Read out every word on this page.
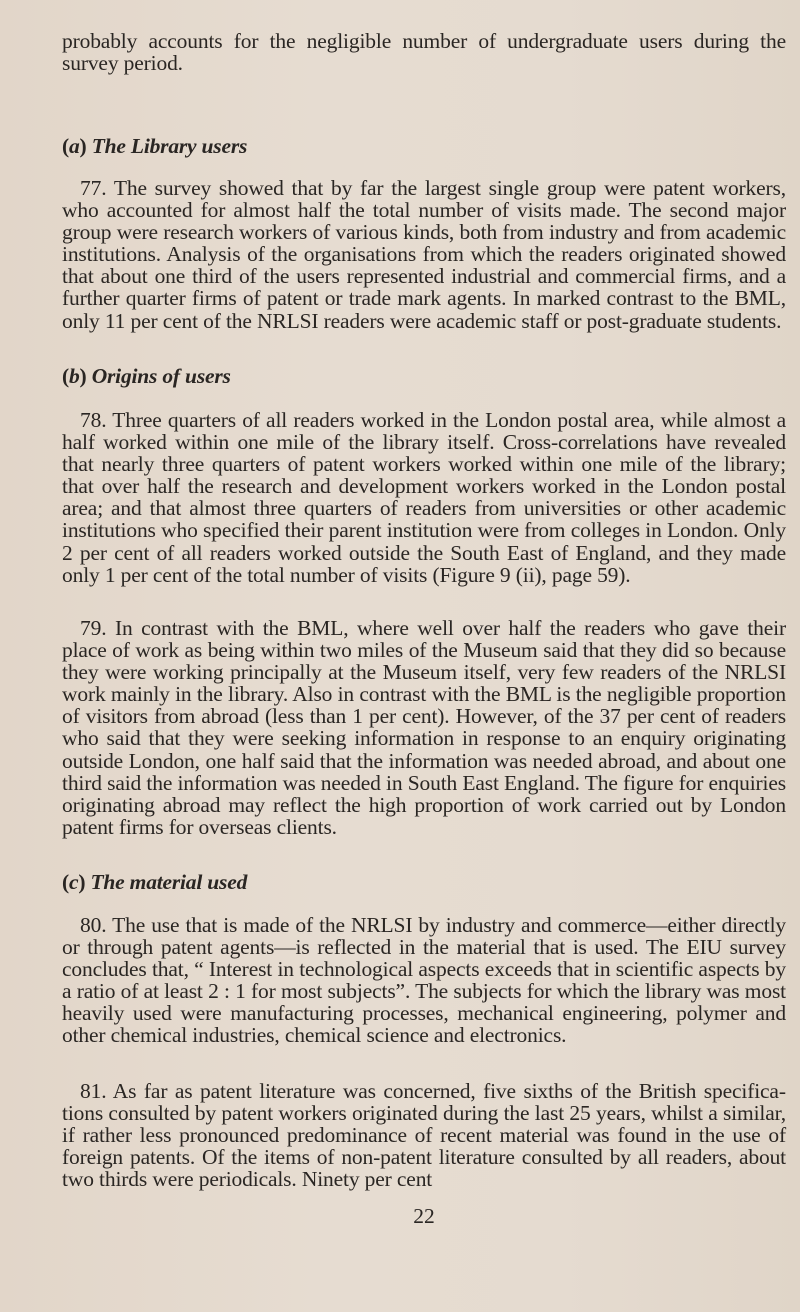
probably accounts for the negligible number of undergraduate users during the survey period.

(a) The Library users

77. The survey showed that by far the largest single group were patent workers, who accounted for almost half the total number of visits made. The second major group were research workers of various kinds, both from industry and from academic institutions. Analysis of the organisations from which the readers originated showed that about one third of the users represented industrial and commercial firms, and a further quarter firms of patent or trade mark agents. In marked contrast to the BML, only 11 per cent of the NRLSI readers were academic staff or post-graduate students.

(b) Origins of users

78. Three quarters of all readers worked in the London postal area, while almost a half worked within one mile of the library itself. Cross-correlations have revealed that nearly three quarters of patent workers worked within one mile of the library; that over half the research and development workers worked in the London postal area; and that almost three quarters of readers from universities or other academic institutions who specified their parent institution were from colleges in London. Only 2 per cent of all readers worked outside the South East of England, and they made only 1 per cent of the total number of visits (Figure 9 (ii), page 59).

79. In contrast with the BML, where well over half the readers who gave their place of work as being within two miles of the Museum said that they did so because they were working principally at the Museum itself, very few readers of the NRLSI work mainly in the library. Also in contrast with the BML is the negligible proportion of visitors from abroad (less than 1 per cent). However, of the 37 per cent of readers who said that they were seeking information in response to an enquiry originating outside London, one half said that the information was needed abroad, and about one third said the information was needed in South East England. The figure for enquiries originating abroad may reflect the high proportion of work carried out by London patent firms for overseas clients.

(c) The material used

80. The use that is made of the NRLSI by industry and commerce—either directly or through patent agents—is reflected in the material that is used. The EIU survey concludes that, “ Interest in technological aspects exceeds that in scientific aspects by a ratio of at least 2 : 1 for most subjects”. The subjects for which the library was most heavily used were manufacturing processes, mechanical engineering, polymer and other chemical industries, chemical science and electronics.

81. As far as patent literature was concerned, five sixths of the British specifications consulted by patent workers originated during the last 25 years, whilst a similar, if rather less pronounced predominance of recent material was found in the use of foreign patents. Of the items of non-patent literature consulted by all readers, about two thirds were periodicals. Ninety per cent

22
